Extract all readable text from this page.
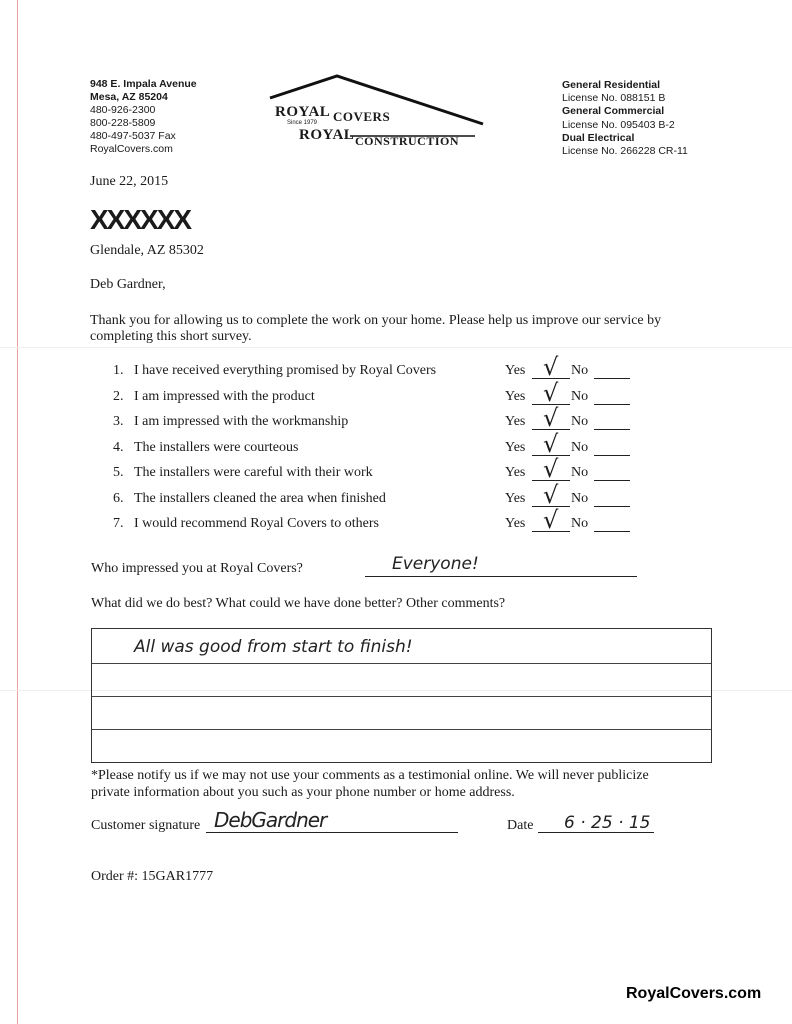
948 E. Impala Avenue
Mesa, AZ 85204
480-926-2300
800-228-5809
480-497-5037 Fax
RoyalCovers.com
ROYAL COVERS
Since 1979
ROYAL CONSTRUCTION
General Residential
License No. 088151 B
General Commercial
License No. 095403 B-2
Dual Electrical
License No. 266228 CR-11
June 22, 2015
XXXXXX
Glendale, AZ 85302
Deb Gardner,
Thank you for allowing us to complete the work on your home. Please help us improve our service by
completing this short survey.
1. I have received everything promised by Royal Covers	Yes √ No
2. I am impressed with the product	Yes √ No
3. I am impressed with the workmanship	Yes √ No
4. The installers were courteous	Yes √ No
5. The installers were careful with their work	Yes √ No
6. The installers cleaned the area when finished	Yes √ No
7. I would recommend Royal Covers to others	Yes √ No
Who impressed you at Royal Covers?	Everyone!
What did we do best? What could we have done better? Other comments?
All was good from start to finish!
*Please notify us if we may not use your comments as a testimonial online. We will never publicize
private information about you such as your phone number or home address.
Customer signature DebGardner	Date 6 · 25 · 15
Order #: 15GAR1777
RoyalCovers.com
